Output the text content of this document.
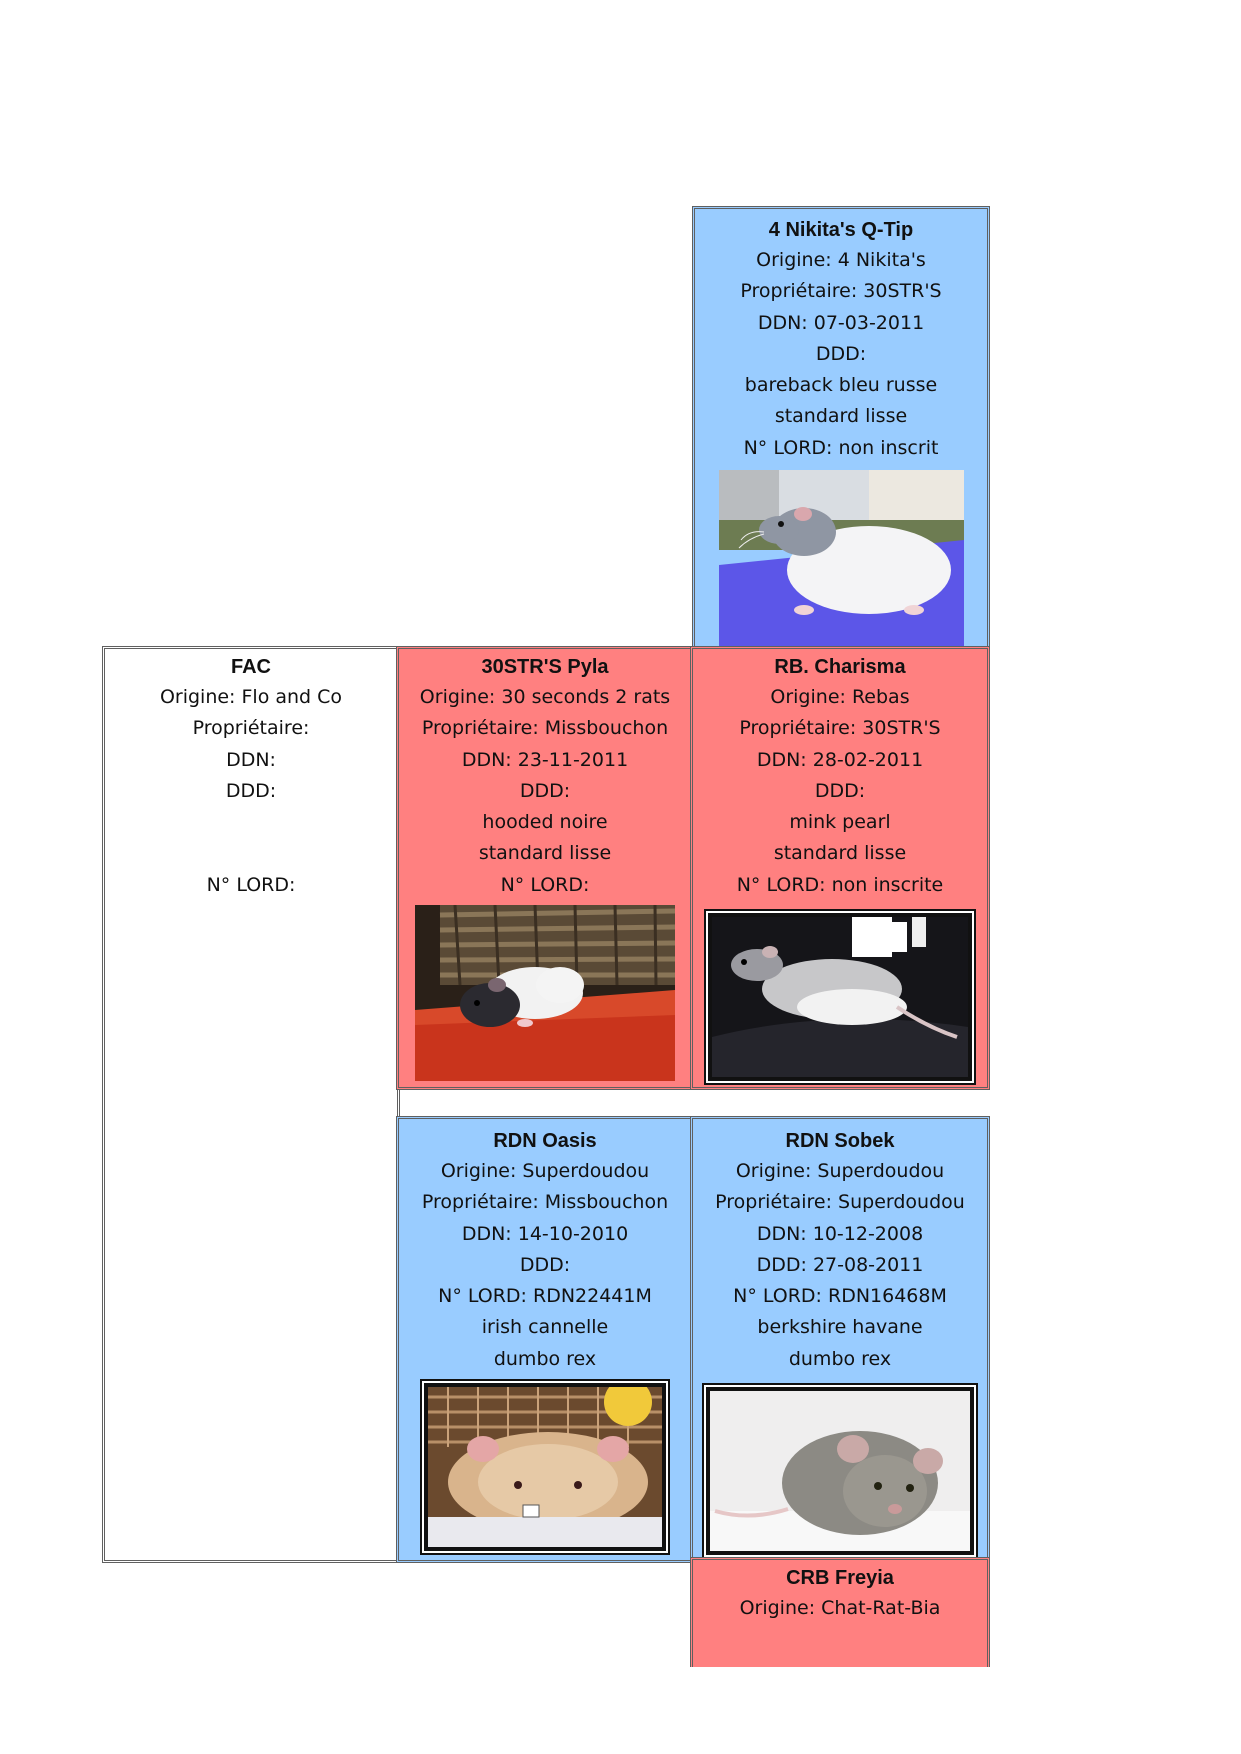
4 Nikita's Q-Tip
Origine: 4 Nikita's
Propriétaire: 30STR'S
DDN: 07-03-2011
DDD:
bareback bleu russe
standard lisse
N° LORD: non inscrit
FAC
Origine: Flo and Co
Propriétaire:
DDN:
DDD:
N° LORD:
30STR'S Pyla
Origine: 30 seconds 2 rats
Propriétaire: Missbouchon
DDN: 23-11-2011
DDD:
hooded noire
standard lisse
N° LORD:
RB. Charisma
Origine: Rebas
Propriétaire: 30STR'S
DDN: 28-02-2011
DDD:
mink pearl
standard lisse
N° LORD: non inscrite
RDN Oasis
Origine: Superdoudou
Propriétaire: Missbouchon
DDN: 14-10-2010
DDD:
N° LORD: RDN22441M
irish cannelle
dumbo rex
RDN Sobek
Origine: Superdoudou
Propriétaire: Superdoudou
DDN: 10-12-2008
DDD: 27-08-2011
N° LORD: RDN16468M
berkshire havane
dumbo rex
CRB Freyia
Origine: Chat-Rat-Bia
